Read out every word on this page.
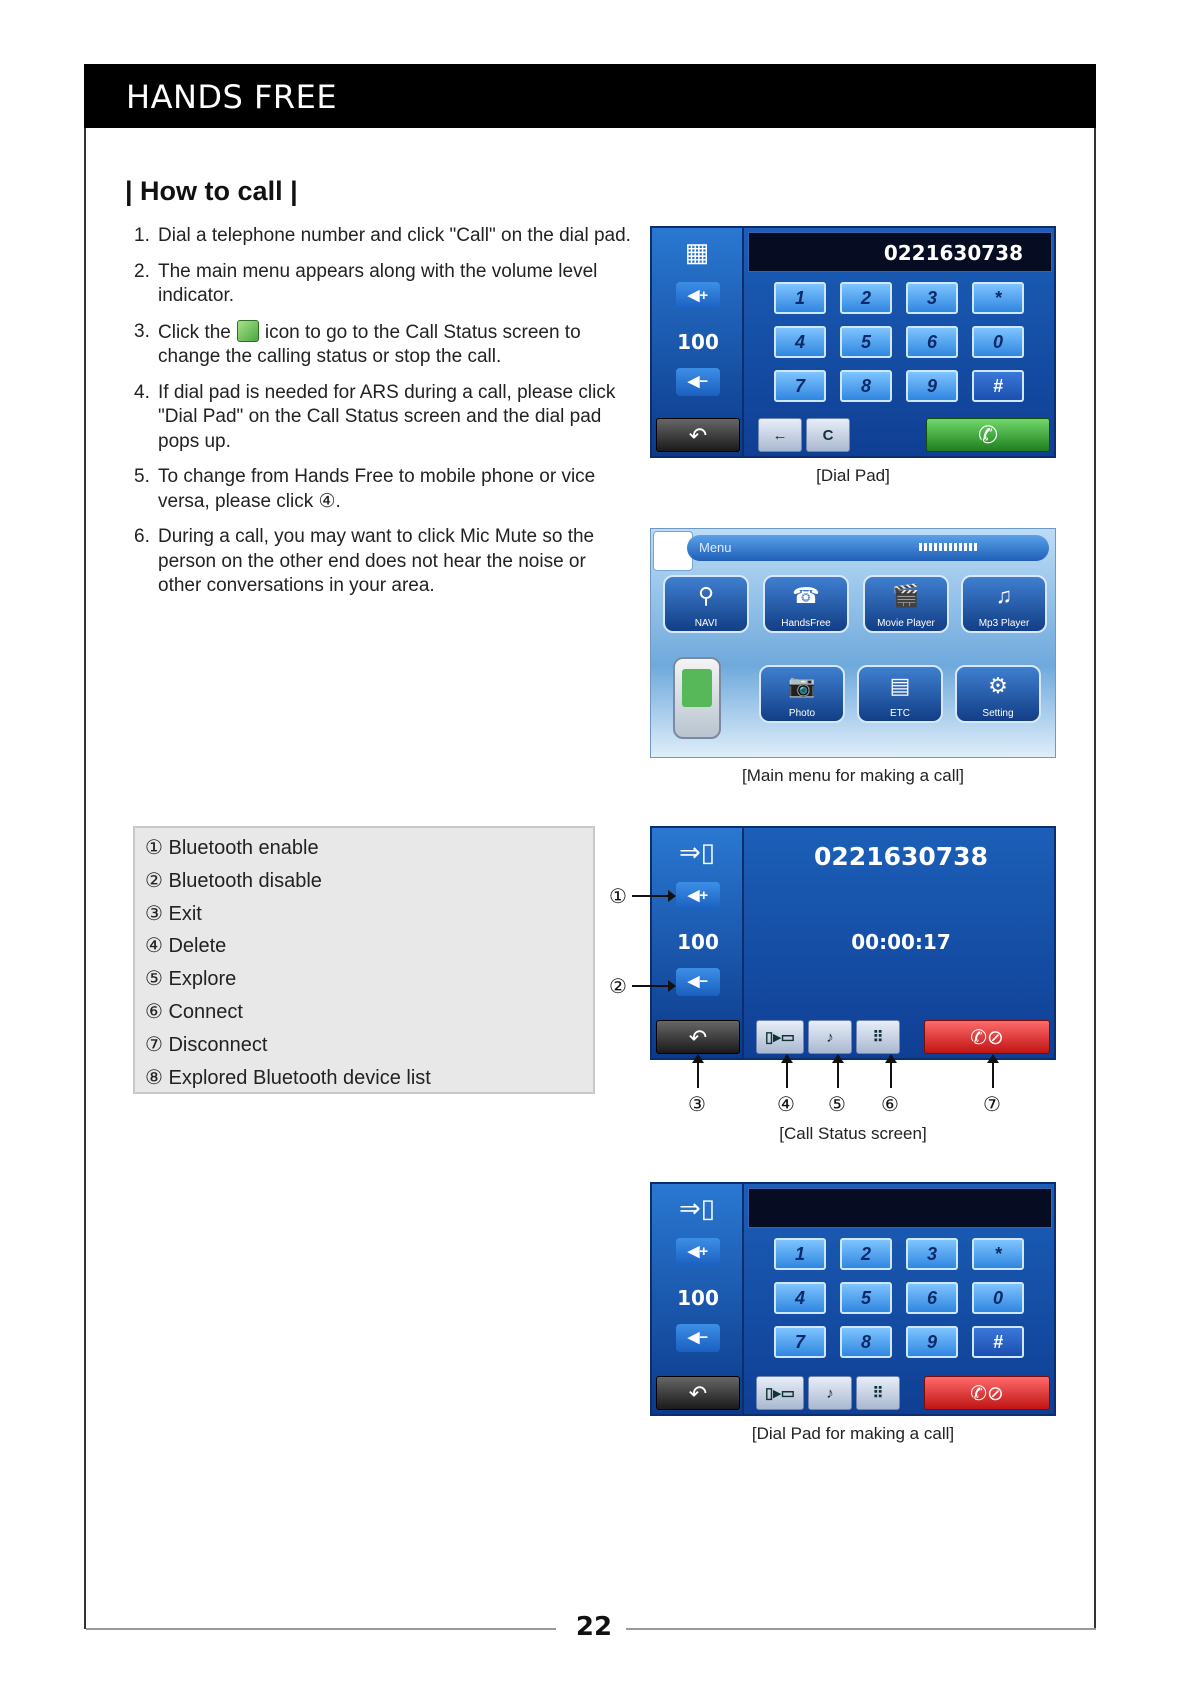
HANDS FREE
| How to call |
1. Dial a telephone number and click "Call" on the dial pad.
2. The main menu appears along with the volume level indicator.
3. Click the icon to go to the Call Status screen to change the calling status or stop the call.
4. If dial pad is needed for ARS during a call, please click "Dial Pad" on the Call Status screen and the dial pad pops up.
5. To change from Hands Free to mobile phone or vice versa, please click ④.
6. During a call, you may want to click Mic Mute so the person on the other end does not hear the noise or other conversations in your area.
▦
◀+
100
◀−
↶
0221630738
1	2	3	*
4	5	6	0
7	8	9	#
←	C	✆
[Dial Pad]
Menu
⚲
NAVI
☎
HandsFree
🎬
Movie Player
♫
Mp3 Player
📷
Photo
▤
ETC
⚙
Setting
[Main menu for making a call]
⇒▯
◀+
100
◀−
↶
0221630738
00:00:17
▯▸▭	♪	⠿	✆⊘
①
②
③	④ ⑤ ⑥	⑦
[Call Status screen]
⇒▯
◀+
100
◀−
↶
1	2	3	*
4	5	6	0
7	8	9	#
▯▸▭	♪	⠿	✆⊘
[Dial Pad for making a call]
① Bluetooth enable
② Bluetooth disable
③ Exit
④ Delete
⑤ Explore
⑥ Connect
⑦ Disconnect
⑧ Explored Bluetooth device list
22
